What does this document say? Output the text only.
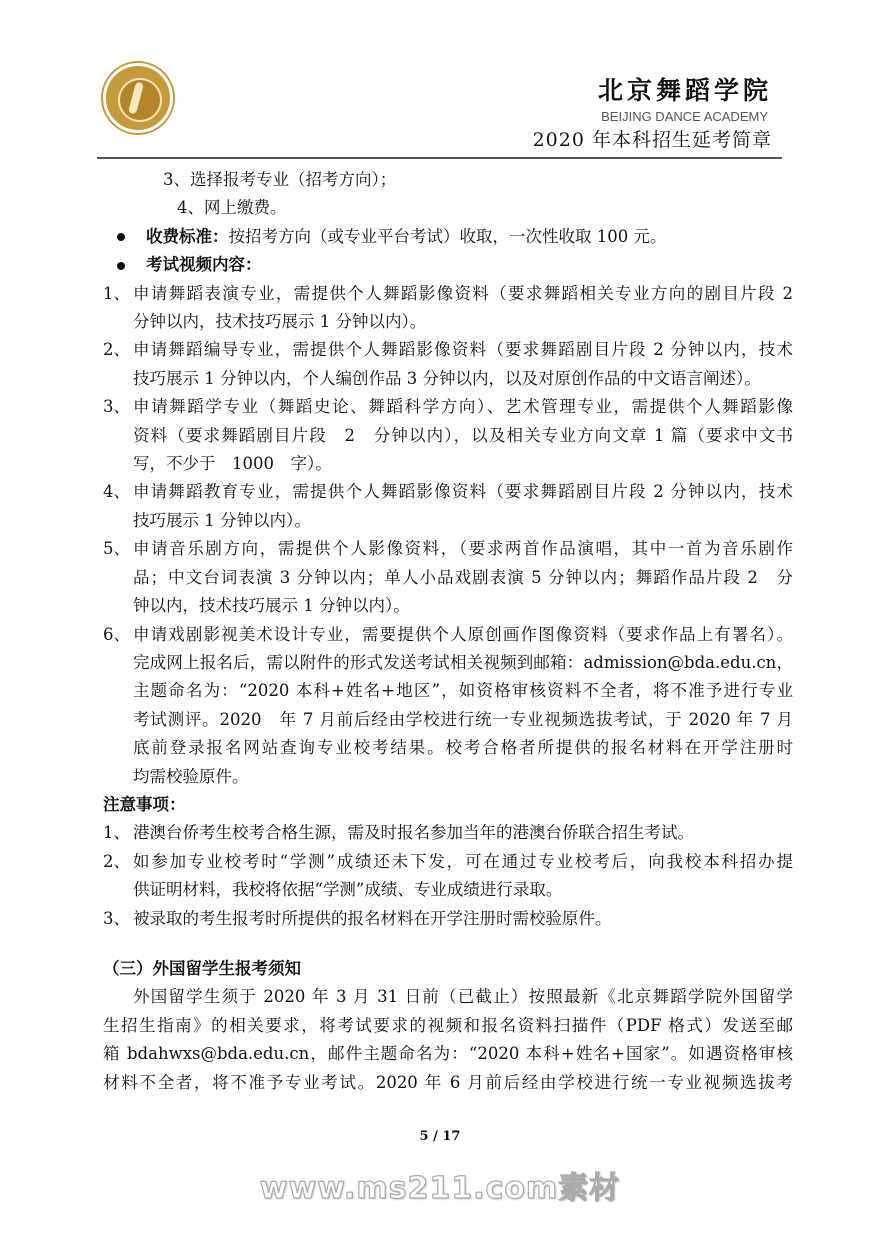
北京舞蹈学院
BEIJING DANCE ACADEMY
2020 年本科招生延考简章
3、选择报考专业（招考方向）；
4、网上缴费。
收费标准：按招考方向（或专业平台考试）收取，一次性收取 100 元。
考试视频内容：
1、 申请舞蹈表演专业，需提供个人舞蹈影像资料（要求舞蹈相关专业方向的剧目片段 2
分钟以内，技术技巧展示 1 分钟以内）。
2、 申请舞蹈编导专业，需提供个人舞蹈影像资料（要求舞蹈剧目片段 2 分钟以内，技术
技巧展示 1 分钟以内，个人编创作品 3 分钟以内，以及对原创作品的中文语言阐述）。
3、 申请舞蹈学专业（舞蹈史论、舞蹈科学方向）、艺术管理专业，需提供个人舞蹈影像
资料（要求舞蹈剧目片段　2　分钟以内），以及相关专业方向文章 1 篇（要求中文书
写，不少于　1000　字）。
4、 申请舞蹈教育专业，需提供个人舞蹈影像资料（要求舞蹈剧目片段 2 分钟以内，技术
技巧展示 1 分钟以内）。
5、 申请音乐剧方向，需提供个人影像资料，（要求两首作品演唱，其中一首为音乐剧作
品；中文台词表演 3 分钟以内；单人小品戏剧表演 5 分钟以内；舞蹈作品片段 2　分
钟以内，技术技巧展示 1 分钟以内）。
6、 申请戏剧影视美术设计专业，需要提供个人原创画作图像资料（要求作品上有署名）。
完成网上报名后，需以附件的形式发送考试相关视频到邮箱：admission@bda.edu.cn，
主题命名为：“2020 本科+姓名+地区”，如资格审核资料不全者，将不准予进行专业
考试测评。2020　年 7 月前后经由学校进行统一专业视频选拔考试，于 2020 年 7 月
底前登录报名网站查询专业校考结果。校考合格者所提供的报名材料在开学注册时
均需校验原件。
注意事项：
1、 港澳台侨考生校考合格生源，需及时报名参加当年的港澳台侨联合招生考试。
2、 如参加专业校考时“学测”成绩还未下发，可在通过专业校考后，向我校本科招办提
供证明材料，我校将依据“学测”成绩、专业成绩进行录取。
3、 被录取的考生报考时所提供的报名材料在开学注册时需校验原件。
（三）外国留学生报考须知
外国留学生须于 2020 年 3 月 31 日前（已截止）按照最新《北京舞蹈学院外国留学
生招生指南》的相关要求，将考试要求的视频和报名资料扫描件（PDF 格式）发送至邮
箱 bdahwxs@bda.edu.cn，邮件主题命名为：“2020 本科+姓名+国家”。如遇资格审核
材料不全者，将不准予专业考试。2020 年 6 月前后经由学校进行统一专业视频选拔考
5 / 17
www.ms211.com素材
